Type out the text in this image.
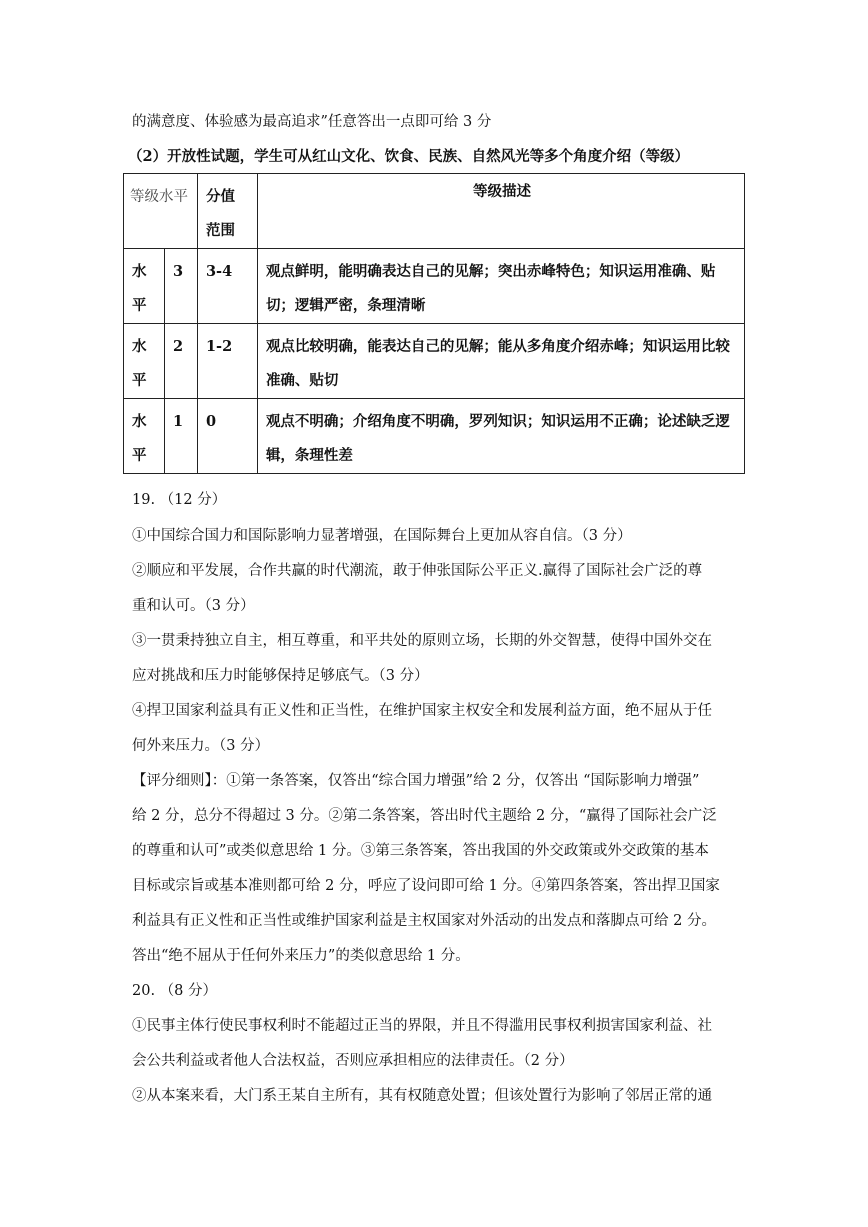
的满意度、体验感为最高追求”任意答出一点即可给 3 分
（2）开放性试题，学生可从红山文化、饮食、民族、自然风光等多个角度介绍（等级）
等级水平		分值范围	等级描述

水平	3	3-4	观点鲜明，能明确表达自己的见解；突出赤峰特色；知识运用准确、贴切；逻辑严密，条理清晰

水平	2	1-2	观点比较明确，能表达自己的见解；能从多角度介绍赤峰；知识运用比较准确、贴切

水平	1	0	观点不明确；介绍角度不明确，罗列知识；知识运用不正确；论述缺乏逻辑，条理性差
19. （12 分）
①中国综合国力和国际影响力显著增强，在国际舞台上更加从容自信。（3 分）
②顺应和平发展，合作共赢的时代潮流，敢于伸张国际公平正义.赢得了国际社会广泛的尊
重和认可。（3 分）
③一贯秉持独立自主，相互尊重，和平共处的原则立场，长期的外交智慧，使得中国外交在
应对挑战和压力时能够保持足够底气。（3 分）
④捍卫国家利益具有正义性和正当性，在维护国家主权安全和发展利益方面，绝不屈从于任
何外来压力。（3 分）
【评分细则】：①第一条答案，仅答出“综合国力增强”给 2 分，仅答出 “国际影响力增强”
给 2 分，总分不得超过 3 分。②第二条答案，答出时代主题给 2 分，“赢得了国际社会广泛
的尊重和认可”或类似意思给 1 分。③第三条答案，答出我国的外交政策或外交政策的基本
目标或宗旨或基本准则都可给 2 分，呼应了设问即可给 1 分。④第四条答案，答出捍卫国家
利益具有正义性和正当性或维护国家利益是主权国家对外活动的出发点和落脚点可给 2 分。
答出“绝不屈从于任何外来压力”的类似意思给 1 分。
20. （8 分）
①民事主体行使民事权利时不能超过正当的界限，并且不得滥用民事权利损害国家利益、社
会公共利益或者他人合法权益，否则应承担相应的法律责任。（2 分）
②从本案来看，大门系王某自主所有，其有权随意处置；但该处置行为影响了邻居正常的通
